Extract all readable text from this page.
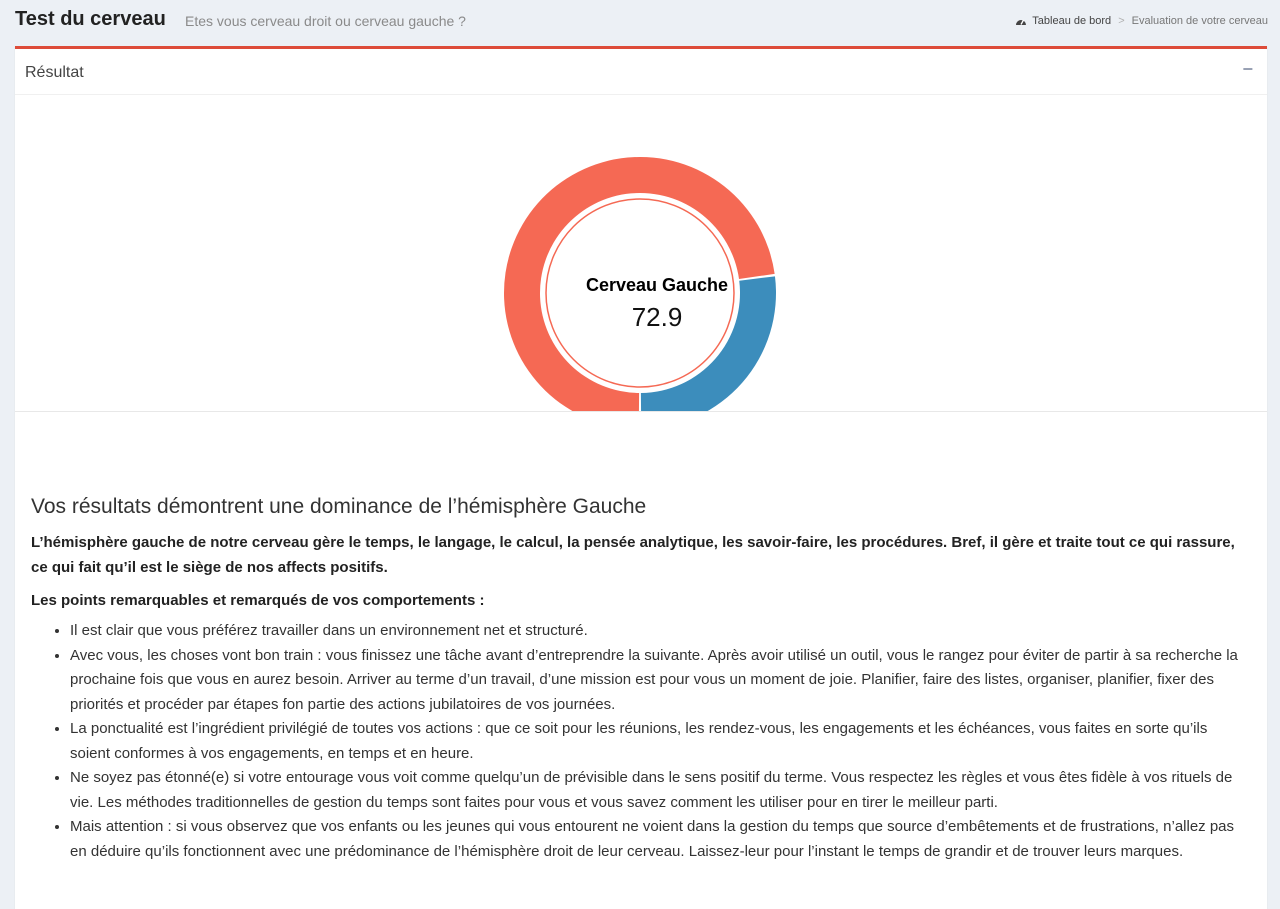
Test du cerveau Etes vous cerveau droit ou cerveau gauche ?	Tableau de bord > Evaluation de votre cerveau
Résultat	−
Cerveau Gauche
72.9
Vos résultats démontrent une dominance de l’hémisphère Gauche

L’hémisphère gauche de notre cerveau gère le temps, le langage, le calcul, la pensée analytique, les savoir-faire, les procédures. Bref, il gère et traite tout ce qui rassure, ce qui fait qu’il est le siège de nos affects positifs.

Les points remarquables et remarqués de vos comportements :

• Il est clair que vous préférez travailler dans un environnement net et structuré.
• Avec vous, les choses vont bon train : vous finissez une tâche avant d’entreprendre la suivante. Après avoir utilisé un outil, vous le rangez pour éviter de partir à sa recherche la prochaine fois que vous en aurez besoin. Arriver au terme d’un travail, d’une mission est pour vous un moment de joie. Planifier, faire des listes, organiser, planifier, fixer des priorités et procéder par étapes fon partie des actions jubilatoires de vos journées.
• La ponctualité est l’ingrédient privilégié de toutes vos actions : que ce soit pour les réunions, les rendez-vous, les engagements et les échéances, vous faites en sorte qu’ils soient conformes à vos engagements, en temps et en heure.
• Ne soyez pas étonné(e) si votre entourage vous voit comme quelqu’un de prévisible dans le sens positif du terme. Vous respectez les règles et vous êtes fidèle à vos rituels de vie. Les méthodes traditionnelles de gestion du temps sont faites pour vous et vous savez comment les utiliser pour en tirer le meilleur parti.
• Mais attention : si vous observez que vos enfants ou les jeunes qui vous entourent ne voient dans la gestion du temps que source d’embêtements et de frustrations, n’allez pas en déduire qu’ils fonctionnent avec une prédominance de l’hémisphère droit de leur cerveau. Laissez-leur pour l’instant le temps de grandir et de trouver leurs marques.
